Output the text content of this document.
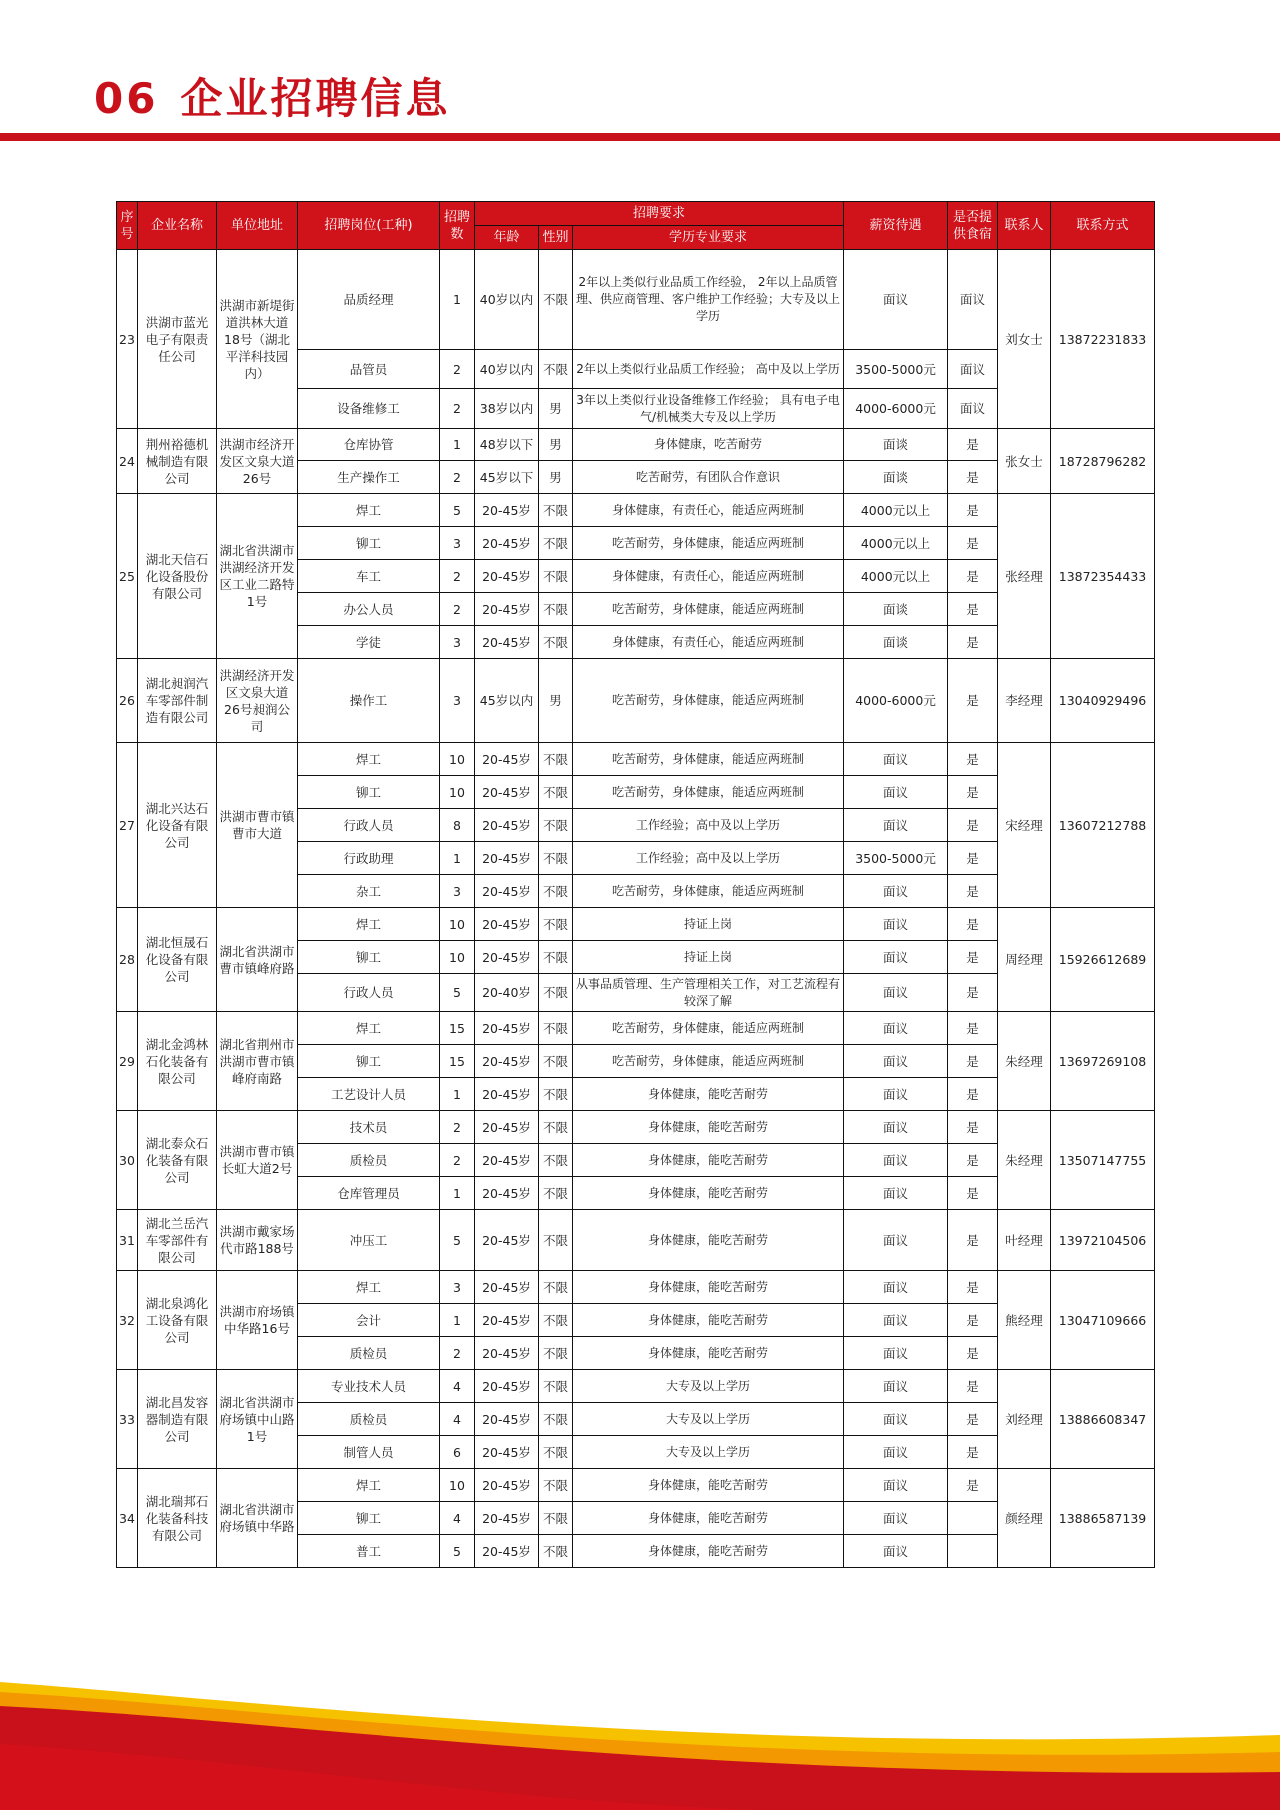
06 企业招聘信息
序号	企业名称	单位地址	招聘岗位(工种)	招聘数	招聘要求			薪资待遇	是否提供食宿	联系人	联系方式
					年龄	性别	学历专业要求				
23	洪湖市蓝光电子有限责任公司	洪湖市新堤街道洪林大道18号（湖北平洋科技园内）	品质经理	1	40岁以内	不限	2年以上类似行业品质工作经验， 2年以上品质管理、供应商管理、客户维护工作经验；大专及以上学历	面议	面议	刘女士	13872231833
			品管员	2	40岁以内	不限	2年以上类似行业品质工作经验； 高中及以上学历	3500-5000元	面议		
			设备维修工	2	38岁以内	男	3年以上类似行业设备维修工作经验； 具有电子电气/机械类大专及以上学历	4000-6000元	面议		
24	荆州裕德机械制造有限公司	洪湖市经济开发区文泉大道26号	仓库协管	1	48岁以下	男	身体健康，吃苦耐劳	面谈	是	张女士	18728796282
			生产操作工	2	45岁以下	男	吃苦耐劳，有团队合作意识	面谈	是		
25	湖北天信石化设备股份有限公司	湖北省洪湖市洪湖经济开发区工业二路特1号	焊工	5	20-45岁	不限	身体健康，有责任心，能适应两班制	4000元以上	是	张经理	13872354433
			铆工	3	20-45岁	不限	吃苦耐劳，身体健康，能适应两班制	4000元以上	是		
			车工	2	20-45岁	不限	身体健康，有责任心，能适应两班制	4000元以上	是		
			办公人员	2	20-45岁	不限	吃苦耐劳，身体健康，能适应两班制	面谈	是		
			学徒	3	20-45岁	不限	身体健康，有责任心，能适应两班制	面谈	是		
26	湖北昶润汽车零部件制造有限公司	洪湖经济开发区文泉大道26号昶润公司	操作工	3	45岁以内	男	吃苦耐劳，身体健康，能适应两班制	4000-6000元	是	李经理	13040929496
27	湖北兴达石化设备有限公司	洪湖市曹市镇曹市大道	焊工	10	20-45岁	不限	吃苦耐劳，身体健康，能适应两班制	面议	是	宋经理	13607212788
			铆工	10	20-45岁	不限	吃苦耐劳，身体健康，能适应两班制	面议	是		
			行政人员	8	20-45岁	不限	工作经验；高中及以上学历	面议	是		
			行政助理	1	20-45岁	不限	工作经验；高中及以上学历	3500-5000元	是		
			杂工	3	20-45岁	不限	吃苦耐劳，身体健康，能适应两班制	面议	是		
28	湖北恒晟石化设备有限公司	湖北省洪湖市曹市镇峰府路	焊工	10	20-45岁	不限	持证上岗	面议	是	周经理	15926612689
			铆工	10	20-45岁	不限	持证上岗	面议	是		
			行政人员	5	20-40岁	不限	从事品质管理、生产管理相关工作，对工艺流程有较深了解	面议	是		
29	湖北金鸿林石化装备有限公司	湖北省荆州市洪湖市曹市镇峰府南路	焊工	15	20-45岁	不限	吃苦耐劳，身体健康，能适应两班制	面议	是	朱经理	13697269108
			铆工	15	20-45岁	不限	吃苦耐劳，身体健康，能适应两班制	面议	是		
			工艺设计人员	1	20-45岁	不限	身体健康，能吃苦耐劳	面议	是		
30	湖北泰众石化装备有限公司	洪湖市曹市镇长虹大道2号	技术员	2	20-45岁	不限	身体健康，能吃苦耐劳	面议	是	朱经理	13507147755
			质检员	2	20-45岁	不限	身体健康，能吃苦耐劳	面议	是		
			仓库管理员	1	20-45岁	不限	身体健康，能吃苦耐劳	面议	是		
31	湖北兰岳汽车零部件有限公司	洪湖市戴家场代市路188号	冲压工	5	20-45岁	不限	身体健康，能吃苦耐劳	面议	是	叶经理	13972104506
32	湖北泉鸿化工设备有限公司	洪湖市府场镇中华路16号	焊工	3	20-45岁	不限	身体健康，能吃苦耐劳	面议	是	熊经理	13047109666
			会计	1	20-45岁	不限	身体健康，能吃苦耐劳	面议	是		
			质检员	2	20-45岁	不限	身体健康，能吃苦耐劳	面议	是		
33	湖北昌发容器制造有限公司	湖北省洪湖市府场镇中山路1号	专业技术人员	4	20-45岁	不限	大专及以上学历	面议	是	刘经理	13886608347
			质检员	4	20-45岁	不限	大专及以上学历	面议	是		
			制管人员	6	20-45岁	不限	大专及以上学历	面议	是		
34	湖北瑞邦石化装备科技有限公司	湖北省洪湖市府场镇中华路	焊工	10	20-45岁	不限	身体健康，能吃苦耐劳	面议	是	颜经理	13886587139
			铆工	4	20-45岁	不限	身体健康，能吃苦耐劳	面议			
			普工	5	20-45岁	不限	身体健康，能吃苦耐劳	面议			
